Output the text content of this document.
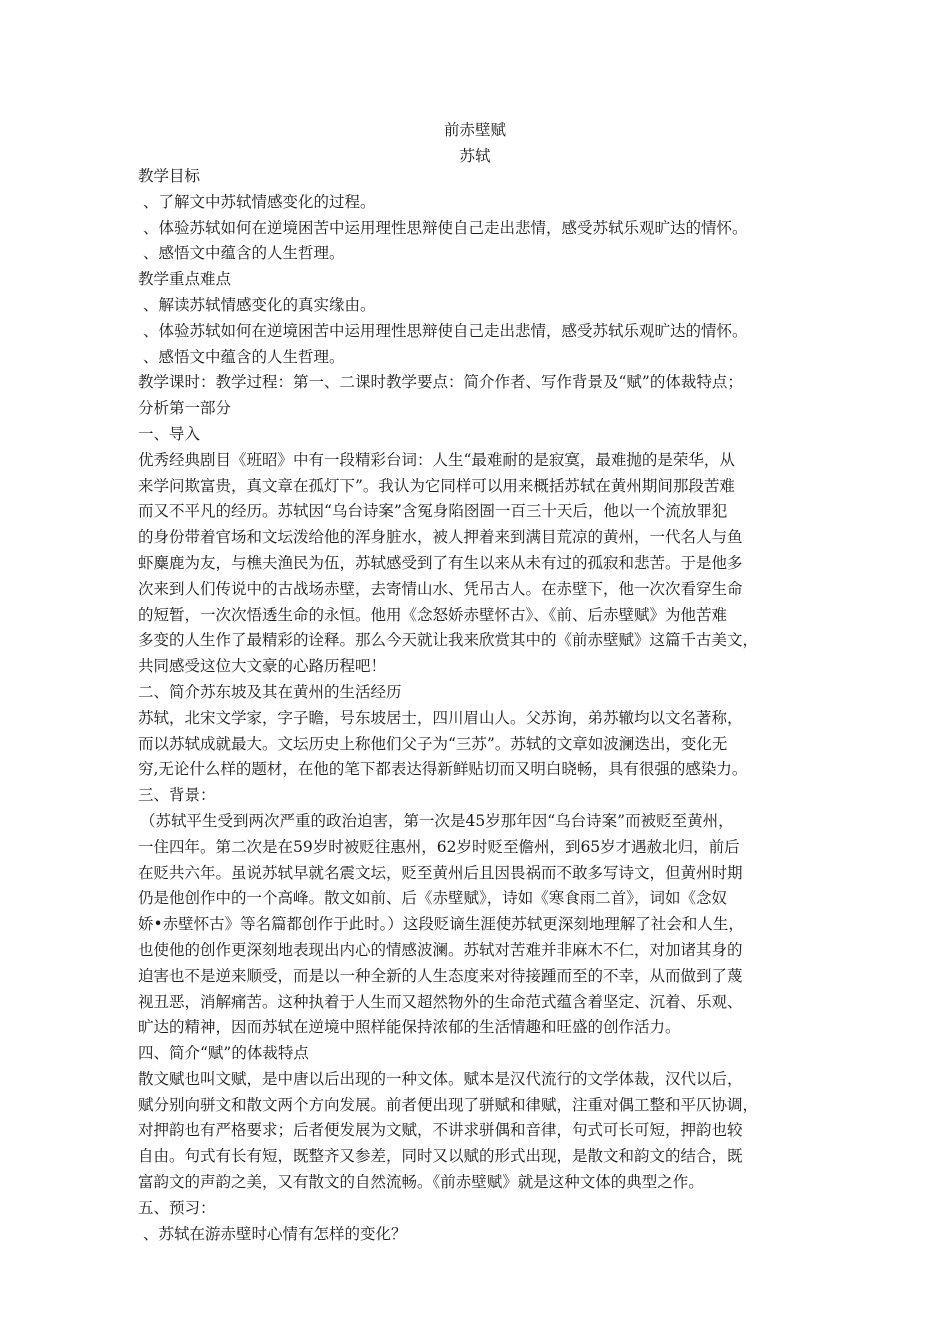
前赤壁赋
苏轼
教学目标
、了解文中苏轼情感变化的过程。
、体验苏轼如何在逆境困苦中运用理性思辩使自己走出悲情，感受苏轼乐观旷达的情怀。
、感悟文中蕴含的人生哲理。
教学重点难点
、解读苏轼情感变化的真实缘由。
、体验苏轼如何在逆境困苦中运用理性思辩使自己走出悲情，感受苏轼乐观旷达的情怀。
、感悟文中蕴含的人生哲理。
教学课时：教学过程：第一、二课时教学要点：简介作者、写作背景及“赋”的体裁特点；
分析第一部分
一、导入
优秀经典剧目《班昭》中有一段精彩台词：人生“最难耐的是寂寞，最难抛的是荣华，从
来学问欺富贵，真文章在孤灯下”。我认为它同样可以用来概括苏轼在黄州期间那段苦难
而又不平凡的经历。苏轼因“乌台诗案”含冤身陷囹圄一百三十天后，他以一个流放罪犯
的身份带着官场和文坛泼给他的浑身脏水，被人押着来到满目荒凉的黄州，一代名人与鱼
虾麋鹿为友，与樵夫渔民为伍，苏轼感受到了有生以来从未有过的孤寂和悲苦。于是他多
次来到人们传说中的古战场赤壁，去寄情山水、凭吊古人。在赤壁下，他一次次看穿生命
的短暂，一次次悟透生命的永恒。他用《念怒娇赤壁怀古》、《前、后赤壁赋》为他苦难
多变的人生作了最精彩的诠释。那么今天就让我来欣赏其中的《前赤壁赋》这篇千古美文，
共同感受这位大文豪的心路历程吧！
二、简介苏东坡及其在黄州的生活经历
苏轼，北宋文学家，字子瞻，号东坡居士，四川眉山人。父苏询，弟苏辙均以文名著称，
而以苏轼成就最大。文坛历史上称他们父子为“三苏”。苏轼的文章如波澜迭出，变化无
穷,无论什么样的题材，在他的笔下都表达得新鲜贴切而又明白晓畅，具有很强的感染力。
三、背景：
（苏轼平生受到两次严重的政治迫害，第一次是45岁那年因“乌台诗案”而被贬至黄州，
一住四年。第二次是在59岁时被贬往惠州，62岁时贬至儋州，到65岁才遇赦北归，前后
在贬共六年。虽说苏轼早就名震文坛，贬至黄州后且因畏祸而不敢多写诗文，但黄州时期
仍是他创作中的一个高峰。散文如前、后《赤壁赋》，诗如《寒食雨二首》，词如《念奴
娇•赤壁怀古》等名篇都创作于此时。）这段贬谪生涯使苏轼更深刻地理解了社会和人生，
也使他的创作更深刻地表现出内心的情感波澜。苏轼对苦难并非麻木不仁，对加诸其身的
迫害也不是逆来顺受，而是以一种全新的人生态度来对待接踵而至的不幸，从而做到了蔑
视丑恶，消解痛苦。这种执着于人生而又超然物外的生命范式蕴含着坚定、沉着、乐观、
旷达的精神，因而苏轼在逆境中照样能保持浓郁的生活情趣和旺盛的创作活力。
四、简介“赋”的体裁特点
散文赋也叫文赋，是中唐以后出现的一种文体。赋本是汉代流行的文学体裁，汉代以后，
赋分别向骈文和散文两个方向发展。前者便出现了骈赋和律赋，注重对偶工整和平仄协调，
对押韵也有严格要求；后者便发展为文赋，不讲求骈偶和音律，句式可长可短，押韵也较
自由。句式有长有短，既整齐又参差，同时又以赋的形式出现，是散文和韵文的结合，既
富韵文的声韵之美，又有散文的自然流畅。《前赤壁赋》就是这种文体的典型之作。
五、预习：
、苏轼在游赤壁时心情有怎样的变化？
